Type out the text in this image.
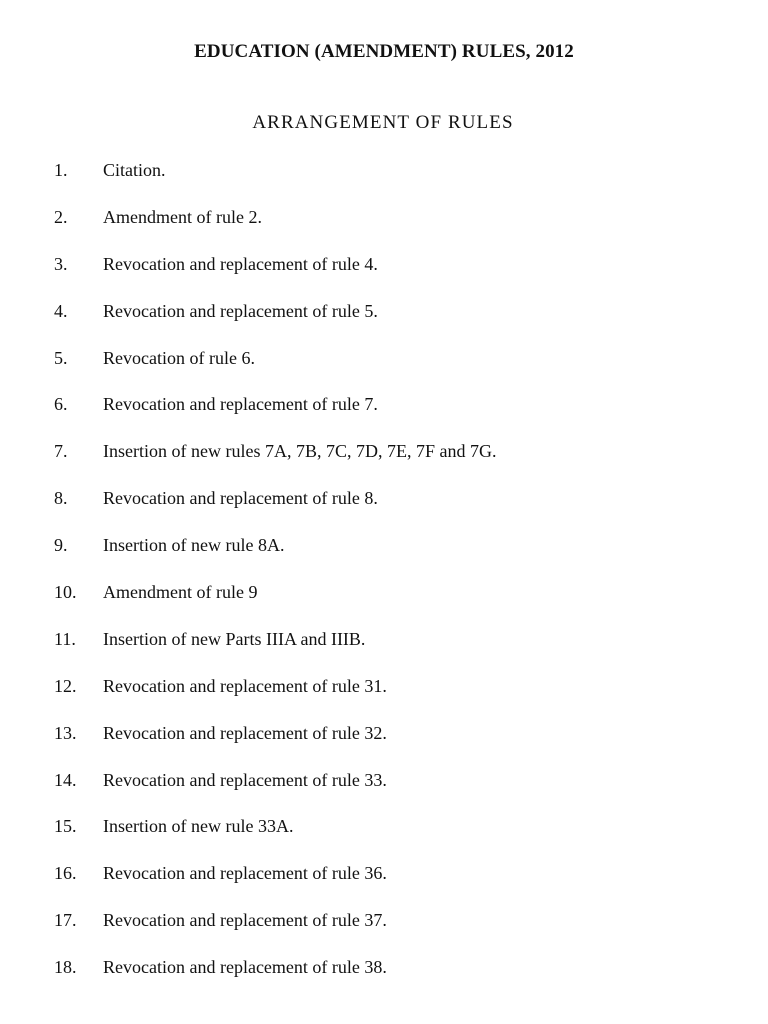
EDUCATION (AMENDMENT) RULES, 2012
ARRANGEMENT OF RULES
1. Citation.
2. Amendment of rule 2.
3. Revocation and replacement of rule 4.
4. Revocation and replacement of rule 5.
5. Revocation of rule 6.
6. Revocation and replacement of rule 7.
7. Insertion of new rules 7A, 7B, 7C, 7D, 7E, 7F and 7G.
8. Revocation and replacement of rule 8.
9. Insertion of new rule 8A.
10. Amendment of rule 9
11. Insertion of new Parts IIIA and IIIB.
12. Revocation and replacement of rule 31.
13. Revocation and replacement of rule 32.
14. Revocation and replacement of rule 33.
15. Insertion of new rule 33A.
16. Revocation and replacement of rule 36.
17. Revocation and replacement of rule 37.
18. Revocation and replacement of rule 38.
